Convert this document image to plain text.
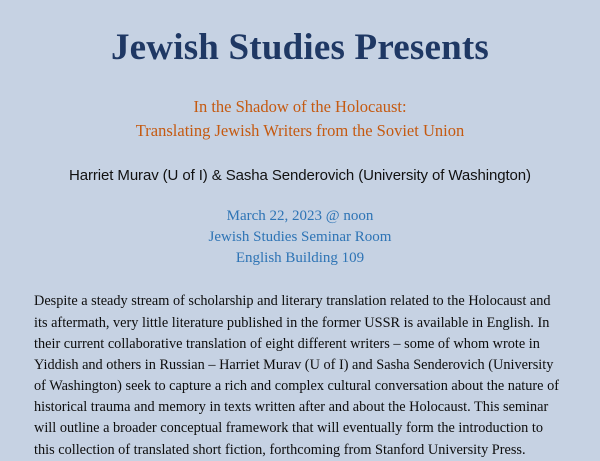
Jewish Studies Presents
In the Shadow of the Holocaust:
Translating Jewish Writers from the Soviet Union
Harriet Murav (U of I) & Sasha Senderovich (University of Washington)
March 22, 2023 @ noon
Jewish Studies Seminar Room
English Building 109

Despite a steady stream of scholarship and literary translation related to the Holocaust and its aftermath, very little literature published in the former USSR is available in English. In their current collaborative translation of eight different writers – some of whom wrote in Yiddish and others in Russian – Harriet Murav (U of I) and Sasha Senderovich (University of Washington) seek to capture a rich and complex cultural conversation about the nature of historical trauma and memory in texts written after and about the Holocaust. This seminar will outline a broader conceptual framework that will eventually form the introduction to this collection of translated short fiction, forthcoming from Stanford University Press.
